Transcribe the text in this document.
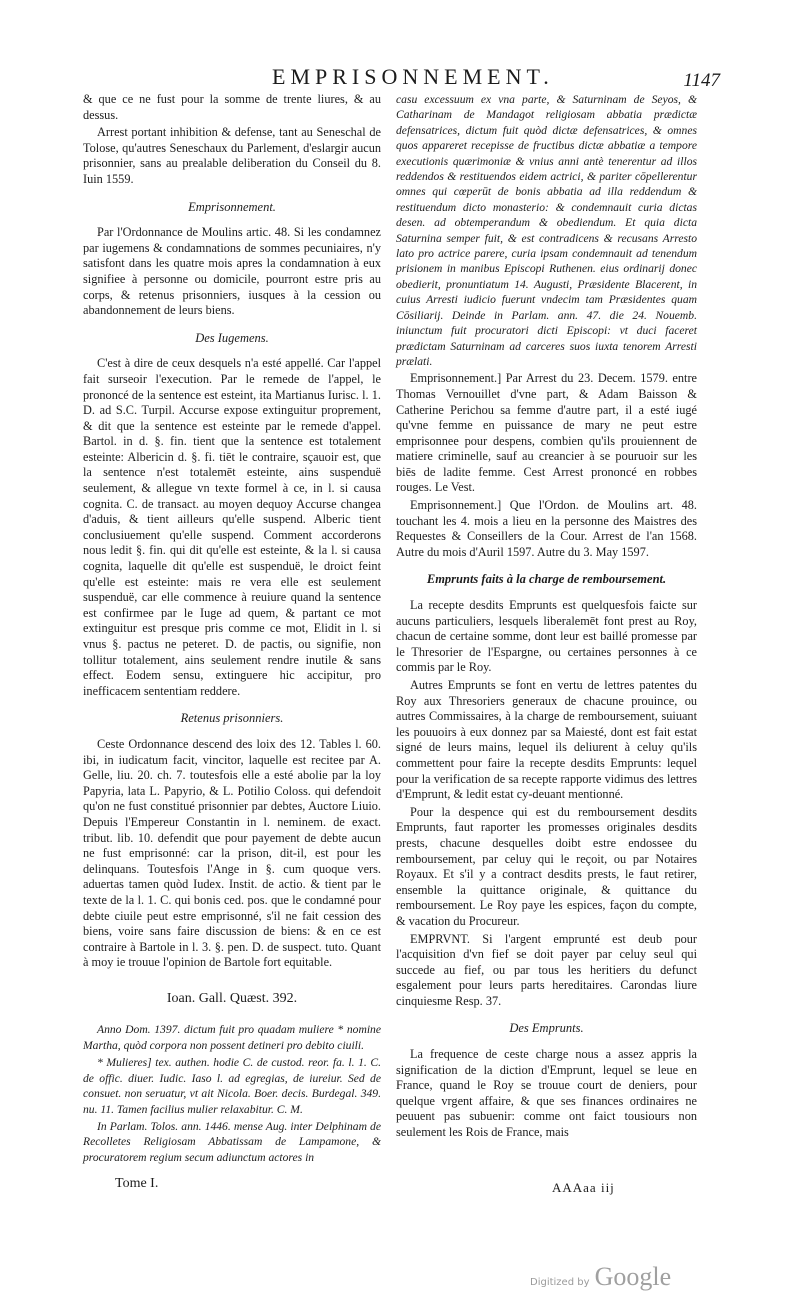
EMPRISONNEMENT.	1147

& que ce ne fust pour la somme de trente liures, & au dessus.

Arrest portant inhibition & defense, tant au Seneschal de Tolose, qu'autres Seneschaux du Parlement, d'eslargir aucun prisonnier, sans au prealable deliberation du Conseil du 8. Iuin 1559.

Emprisonnement.

Par l'Ordonnance de Moulins artic. 48. Si les condamnez par iugemens & condamnations de sommes pecuniaires, n'y satisfont dans les quatre mois apres la condamnation à eux signifiee à personne ou domicile, pourront estre pris au corps, & retenus prisonniers, iusques à la cession ou abandonnement de leurs biens.

Des Iugemens.

C'est à dire de ceux desquels n'a esté appellé. Car l'appel fait surseoir l'execution. Par le remede de l'appel, le prononcé de la sentence est esteint, ita Martianus Iurisc. l. 1. D. ad S.C. Turpil. Accurse expose extinguitur proprement, & dit que la sentence est esteinte par le remede d'appel. Bartol. in d. §. fin. tient que la sentence est totalement esteinte: Albericin d. §. fi. tiēt le contraire, sçauoir est, que la sentence n'est totalemēt esteinte, ains suspenduë seulement, & allegue vn texte formel à ce, in l. si causa cognita. C. de transact. au moyen dequoy Accurse changea d'aduis, & tient ailleurs qu'elle suspend. Alberic tient conclusiuement qu'elle suspend. Comment accorderons nous ledit §. fin. qui dit qu'elle est esteinte, & la l. si causa cognita, laquelle dit qu'elle est suspenduë, le droict feint qu'elle est esteinte: mais re vera elle est seulement suspenduë, car elle commence à reuiure quand la sentence est confirmee par le Iuge ad quem, & partant ce mot extinguitur est presque pris comme ce mot, Elidit in l. si vnus §. pactus ne peteret. D. de pactis, ou signifie, non tollitur totalement, ains seulement rendre inutile & sans effect. Eodem sensu, extinguere hic accipitur, pro inefficacem sententiam reddere.

Retenus prisonniers.

Ceste Ordonnance descend des loix des 12. Tables l. 60. ibi, in iudicatum facit, vincitor, laquelle est recitee par A. Gelle, liu. 20. ch. 7. toutesfois elle a esté abolie par la loy Papyria, lata L. Papyrio, & L. Potilio Coloss. qui defendoit qu'on ne fust constitué prisonnier par debtes, Auctore Liuio. Depuis l'Empereur Constantin in l. neminem. de exact. tribut. lib. 10. defendit que pour payement de debte aucun ne fust emprisonné: car la prison, dit-il, est pour les delinquans. Toutesfois l'Ange in §. cum quoque vers. aduertas tamen quòd Iudex. Instit. de actio. & tient par le texte de la l. 1. C. qui bonis ced. pos. que le condamné pour debte ciuile peut estre emprisonné, s'il ne fait cession des biens, voire sans faire discussion de biens: & en ce est contraire à Bartole in l. 3. §. pen. D. de suspect. tuto. Quant à moy ie trouue l'opinion de Bartole fort equitable.

Ioan. Gall. Quæst. 392.

Anno Dom. 1397. dictum fuit pro quadam muliere * nomine Martha, quòd corpora non possent detineri pro debito ciuili.

* Mulieres] tex. authen. hodie C. de custod. reor. fa. l. 1. C. de offic. diuer. Iudic. Iaso l. ad egregias, de iureiur. Sed de consuet. non seruatur, vt ait Nicola. Boer. decis. Burdegal. 349. nu. 11. Tamen facilius mulier relaxabitur. C. M.

In Parlam. Tolos. ann. 1446. mense Aug. inter Delphinam de Recolletes Religiosam Abbatissam de Lampamone, & procuratorem regium secum adiunctum actores in

casu excessuum ex vna parte, & Saturninam de Seyos, & Catharinam de Mandagot religiosam abbatia prædictæ defensatrices, dictum fuit quòd dictæ defensatrices, & omnes quos appareret recepisse de fructibus dictæ abbatiæ a tempore executionis quærimoniæ & vnius anni antè tenerentur ad illos reddendos & restituendos eidem actrici, & pariter cōpellerentur omnes qui cœperūt de bonis abbatia ad illa reddendum & restituendum dicto monasterio: & condemnauit curia dictas desen. ad obtemperandum & obediendum. Et quia dicta Saturnina semper fuit, & est contradicens & recusans Arresto lato pro actrice parere, curia ipsam condemnauit ad tenendum prisionem in manibus Episcopi Ruthenen. eius ordinarij donec obedierit, pronuntiatum 14. Augusti, Præsidente Blacerent, in cuius Arresti iudicio fuerunt vndecim tam Præsidentes quam Cōsiliarij. Deinde in Parlam. ann. 47. die 24. Nouemb. iniunctum fuit procuratori dicti Episcopi: vt duci faceret prædictam Saturninam ad carceres suos iuxta tenorem Arresti prælati.

Emprisonnement.] Par Arrest du 23. Decem. 1579. entre Thomas Vernouillet d'vne part, & Adam Baisson & Catherine Perichou sa femme d'autre part, il a esté iugé qu'vne femme en puissance de mary ne peut estre emprisonnee pour despens, combien qu'ils prouiennent de matiere criminelle, sauf au creancier à se pouruoir sur les biēs de ladite femme. Cest Arrest prononcé en robbes rouges. Le Vest.

Emprisonnement.] Que l'Ordon. de Moulins art. 48. touchant les 4. mois a lieu en la personne des Maistres des Requestes & Conseillers de la Cour. Arrest de l'an 1568. Autre du mois d'Auril 1597. Autre du 3. May 1597.

Emprunts faits à la charge de remboursement.

La recepte desdits Emprunts est quelquesfois faicte sur aucuns particuliers, lesquels liberalemēt font prest au Roy, chacun de certaine somme, dont leur est baillé promesse par le Thresorier de l'Espargne, ou certaines personnes à ce commis par le Roy.

Autres Emprunts se font en vertu de lettres patentes du Roy aux Thresoriers generaux de chacune prouince, ou autres Commissaires, à la charge de remboursement, suiuant les pouuoirs à eux donnez par sa Maiesté, dont est fait estat signé de leurs mains, lequel ils deliurent à celuy qu'ils commettent pour faire la recepte desdits Emprunts: lequel pour la verification de sa recepte rapporte vidimus des lettres d'Emprunt, & ledit estat cy-deuant mentionné.

Pour la despence qui est du remboursement desdits Emprunts, faut raporter les promesses originales desdits prests, chacune desquelles doibt estre endossee du remboursement, par celuy qui le reçoit, ou par Notaires Royaux. Et s'il y a contract desdits prests, le faut retirer, ensemble la quittance originale, & quittance du remboursement. Le Roy paye les espices, façon du compte, & vacation du Procureur.

EMPRVNT. Si l'argent emprunté est deub pour l'acquisition d'vn fief se doit payer par celuy seul qui succede au fief, ou par tous les heritiers du defunct esgalement pour leurs parts hereditaires. Carondas liure cinquiesme Resp. 37.

Des Emprunts.

La frequence de ceste charge nous a assez appris la signification de la diction d'Emprunt, lequel se leue en France, quand le Roy se trouue court de deniers, pour quelque vrgent affaire, & que ses finances ordinaires ne peuuent pas subuenir: comme ont faict tousiours non seulement les Rois de France, mais

Tome I.	AAAaa iij
Digitized by Google
